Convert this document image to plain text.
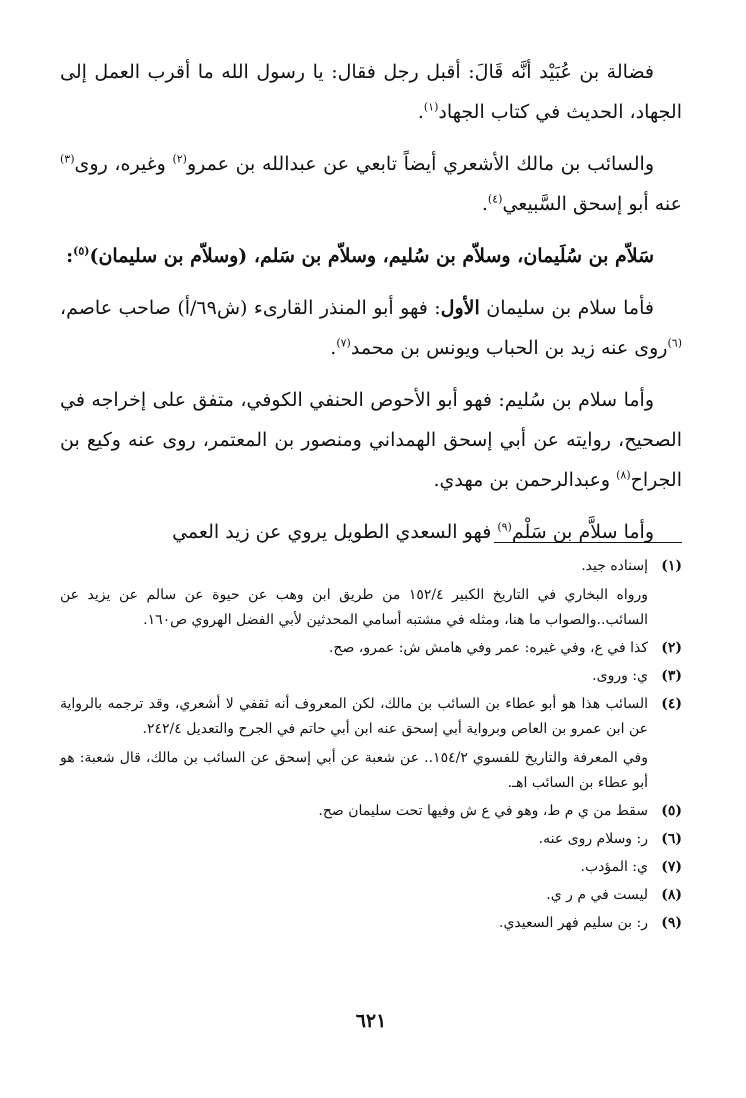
فضالة بن عُبَيْد أنَّه قَالَ: أقبل رجل فقال: يا رسول الله ما أقرب العمل إلى الجهاد، الحديث في كتاب الجهاد$^{(١)}$.

والسائب بن مالك الأشعري أيضاً تابعي عن عبدالله بن عمرو$^{(٢)}$ وغيره، روى$^{(٣)}$ عنه أبو إسحق السَّبيعي$^{(٤)}$.

سَلاّم بن سُلَيمان، وسلاّم بن سُليم، وسلاّم بن سَلم، (وسلاّم بن سليمان)$^{(٥)}$:

فأما سلام بن سليمان الأول: فهو أبو المنذر القارىء (ش٦٩/أ) صاحب عاصم،$^{(٦)}$روى عنه زيد بن الحباب ويونس بن محمد$^{(٧)}$.

وأما سلام بن سُليم: فهو أبو الأحوص الحنفي الكوفي، متفق على إخراجه في الصحيح، روايته عن أبي إسحق الهمداني ومنصور بن المعتمر، روى عنه وكيع بن الجراح$^{(٨)}$ وعبدالرحمن بن مهدي.

وأما سلاَّم بن سَلْم$^{(٩)}$ فهو السعدي الطويل يروي عن زيد العمي

(١)
إسناده جيد.
ورواه البخاري في التاريخ الكبير ١٥٢/٤ من طريق ابن وهب عن حيوة عن سالم عن يزيد عن السائب..والصواب ما هنا، ومثله في مشتبه أسامي المحدثين لأبي الفضل الهروي ص١٦٠.
(٢)
كذا في ع، وفي غيره: عمر وفي هامش ش: عمرو، صح.
(٣)
ي: وروى.
(٤)
السائب هذا هو أبو عطاء بن السائب بن مالك، لكن المعروف أنه ثقفي لا أشعري، وقد ترجمه بالرواية عن ابن عمرو بن العاص وبرواية أبي إسحق عنه ابن أبي حاتم في الجرح والتعديل ٢٤٢/٤.
وفي المعرفة والتاريخ للفسوي ١٥٤/٢.. عن شعبة عن أبي إسحق عن السائب بن مالك، قال شعبة: هو أبو عطاء بن السائب اهـ.
(٥)
سقط من ي م ط، وهو في ع ش وفيها تحت سليمان صح.
(٦)
ر: وسلام روى عنه.
(٧)
ي: المؤدب.
(٨)
ليست في م ر ي.
(٩)
ر: بن سليم فهر السعيدي.
٦٢١
